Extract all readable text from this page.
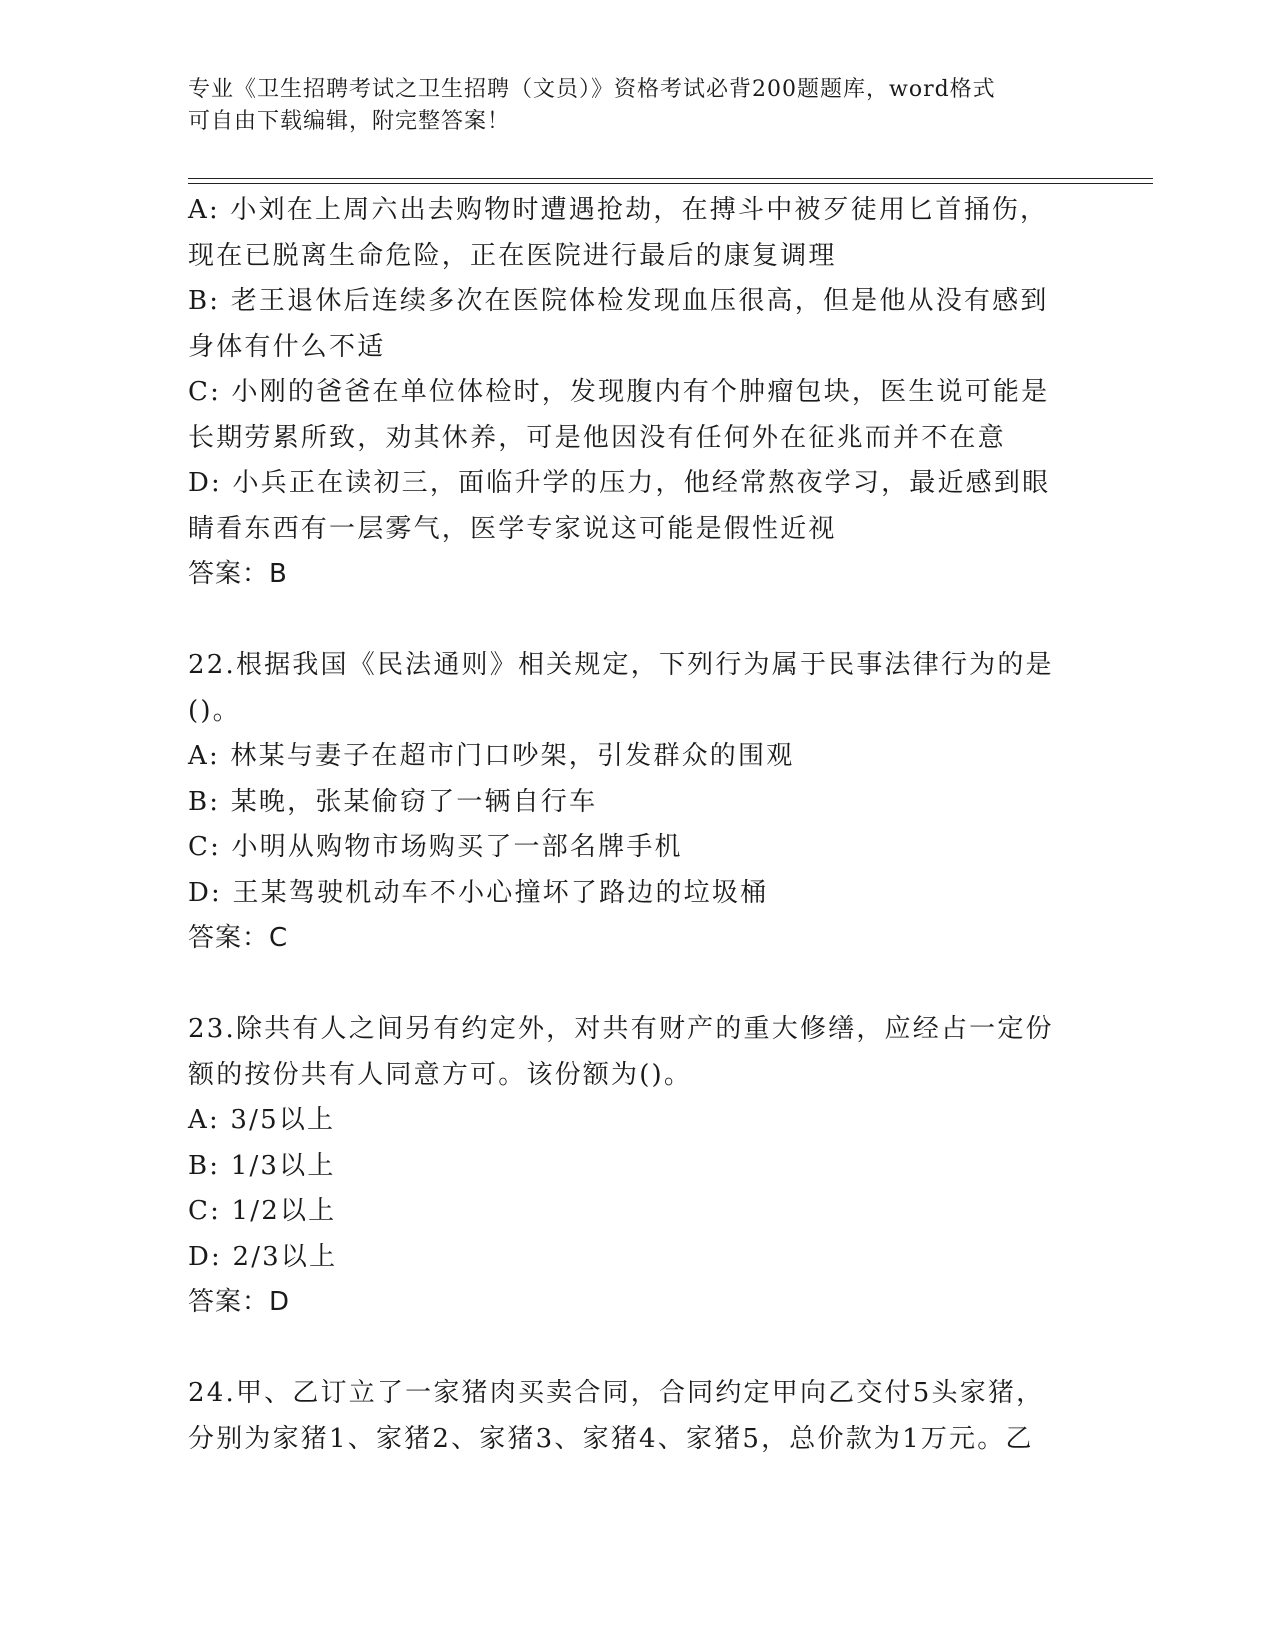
专业《卫生招聘考试之卫生招聘（文员）》资格考试必背200题题库，word格式
可自由下载编辑，附完整答案！
A: 小刘在上周六出去购物时遭遇抢劫，在搏斗中被歹徒用匕首捅伤，
现在已脱离生命危险，正在医院进行最后的康复调理
B: 老王退休后连续多次在医院体检发现血压很高，但是他从没有感到
身体有什么不适
C: 小刚的爸爸在单位体检时，发现腹内有个肿瘤包块，医生说可能是
长期劳累所致，劝其休养，可是他因没有任何外在征兆而并不在意
D: 小兵正在读初三，面临升学的压力，他经常熬夜学习，最近感到眼
睛看东西有一层雾气，医学专家说这可能是假性近视
答案：B
22.根据我国《民法通则》相关规定，下列行为属于民事法律行为的是
()。
A: 林某与妻子在超市门口吵架，引发群众的围观
B: 某晚，张某偷窃了一辆自行车
C: 小明从购物市场购买了一部名牌手机
D: 王某驾驶机动车不小心撞坏了路边的垃圾桶
答案：C
23.除共有人之间另有约定外，对共有财产的重大修缮，应经占一定份
额的按份共有人同意方可。该份额为()。
A: 3/5以上
B: 1/3以上
C: 1/2以上
D: 2/3以上
答案：D
24.甲、乙订立了一家猪肉买卖合同，合同约定甲向乙交付5头家猪，
分别为家猪1、家猪2、家猪3、家猪4、家猪5，总价款为1万元。乙
